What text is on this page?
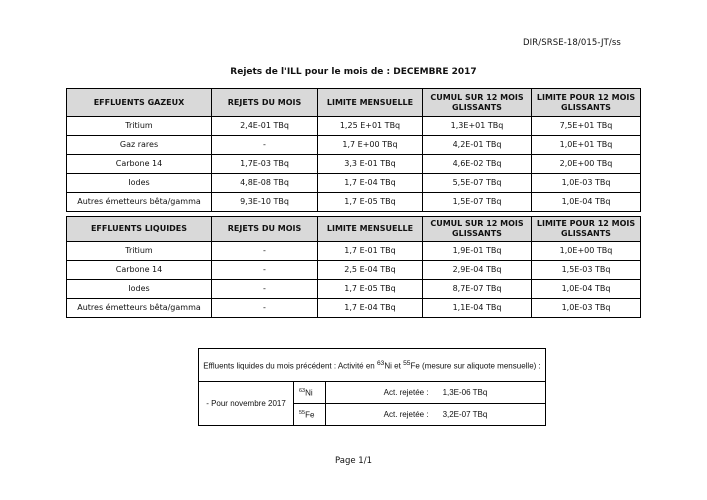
DIR/SRSE-18/015-JT/ss
Rejets de l'ILL pour le mois de : DECEMBRE 2017
EFFLUENTS GAZEUX	REJETS DU MOIS	LIMITE MENSUELLE	CUMUL SUR 12 MOIS GLISSANTS	LIMITE POUR 12 MOIS GLISSANTS
Tritium	2,4E-01 TBq	1,25 E+01 TBq	1,3E+01 TBq	7,5E+01 TBq
Gaz rares	-	1,7 E+00 TBq	4,2E-01 TBq	1,0E+01 TBq
Carbone 14	1,7E-03 TBq	3,3 E-01 TBq	4,6E-02 TBq	2,0E+00 TBq
Iodes	4,8E-08 TBq	1,7 E-04 TBq	5,5E-07 TBq	1,0E-03 TBq
Autres émetteurs bêta/gamma	9,3E-10 TBq	1,7 E-05 TBq	1,5E-07 TBq	1,0E-04 TBq
EFFLUENTS LIQUIDES	REJETS DU MOIS	LIMITE MENSUELLE	CUMUL SUR 12 MOIS GLISSANTS	LIMITE POUR 12 MOIS GLISSANTS
Tritium	-	1,7 E-01 TBq	1,9E-01 TBq	1,0E+00 TBq
Carbone 14	-	2,5 E-04 TBq	2,9E-04 TBq	1,5E-03 TBq
Iodes	-	1,7 E-05 TBq	8,7E-07 TBq	1,0E-04 TBq
Autres émetteurs bêta/gamma	-	1,7 E-04 TBq	1,1E-04 TBq	1,0E-03 TBq
Effluents liquides du mois précédent : Activité en $^{63}$Ni et $^{55}$Fe (mesure sur aliquote mensuelle) :		
- Pour novembre 2017	$^{63}$Ni	Act. rejetée : 1,3E-06 TBq
	$^{55}$Fe	Act. rejetée : 3,2E-07 TBq
Page 1/1
